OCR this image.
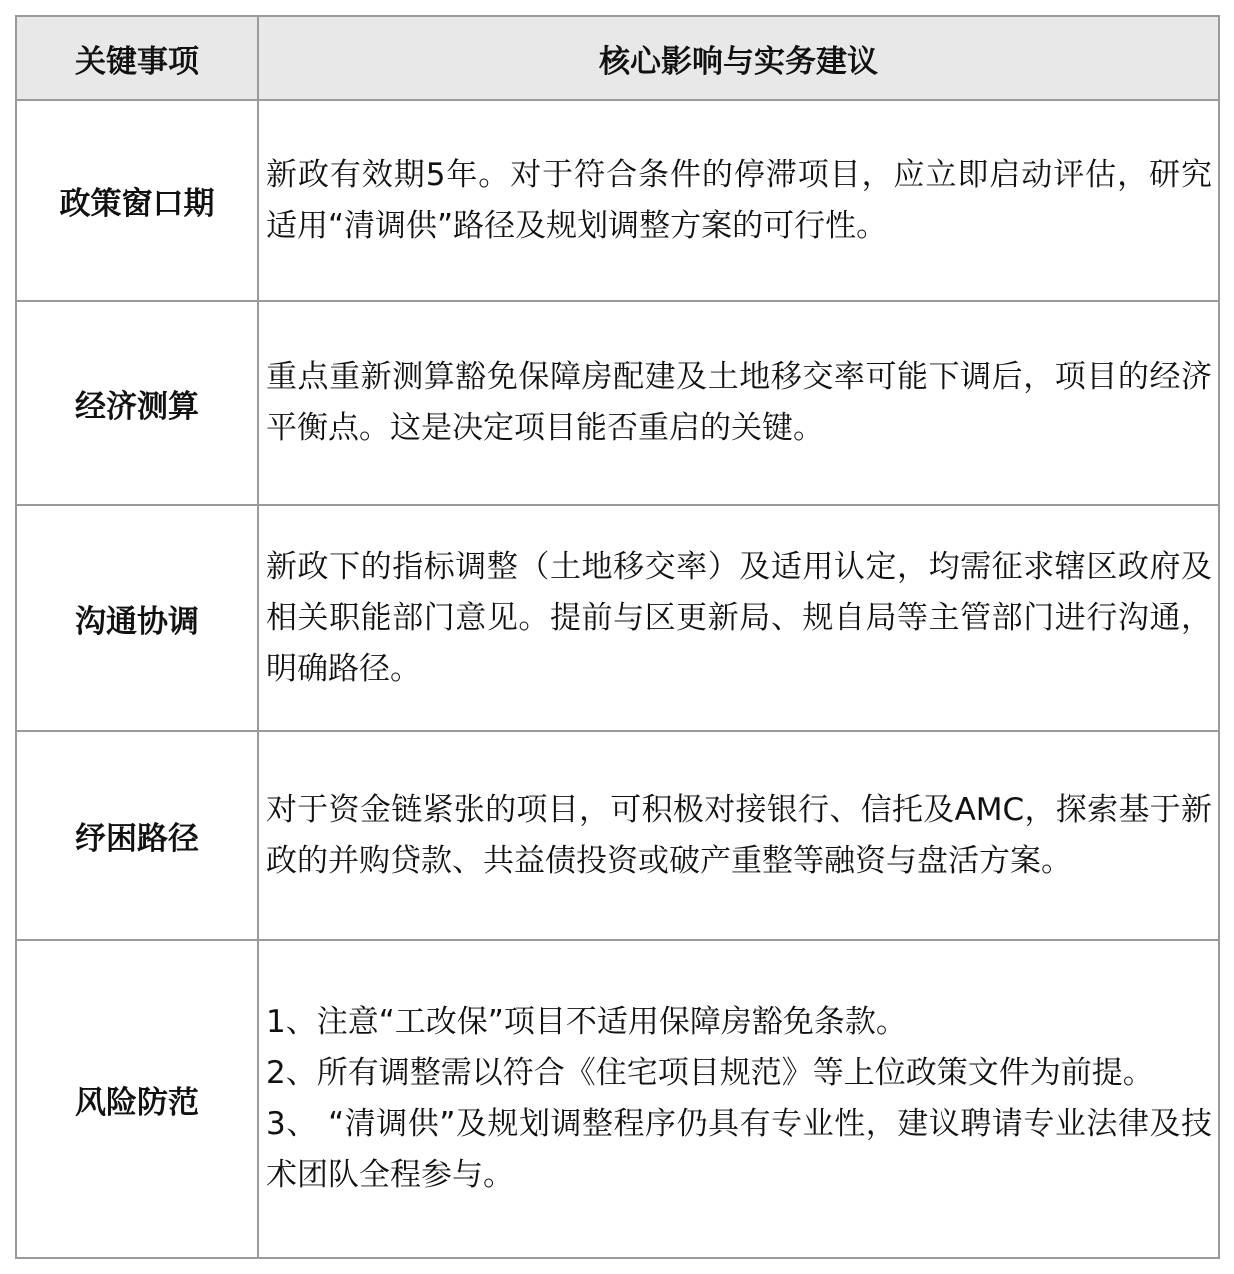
关键事项	核心影响与实务建议
政策窗口期	新政有效期5年。对于符合条件的停滞项目，应立即启动评估，研究适用“清调供”路径及规划调整方案的可行性。

经济测算	重点重新测算豁免保障房配建及土地移交率可能下调后，项目的经济平衡点。这是决定项目能否重启的关键。

沟通协调	新政下的指标调整（土地移交率）及适用认定，均需征求辖区政府及相关职能部门意见。提前与区更新局、规自局等主管部门进行沟通，明确路径。

纾困路径	对于资金链紧张的项目，可积极对接银行、信托及AMC，探索基于新政的并购贷款、共益债投资或破产重整等融资与盘活方案。

风险防范	1、注意“工改保”项目不适用保障房豁免条款。
2、所有调整需以符合《住宅项目规范》等上位政策文件为前提。
3、 “清调供”及规划调整程序仍具有专业性，建议聘请专业法律及技术团队全程参与。
